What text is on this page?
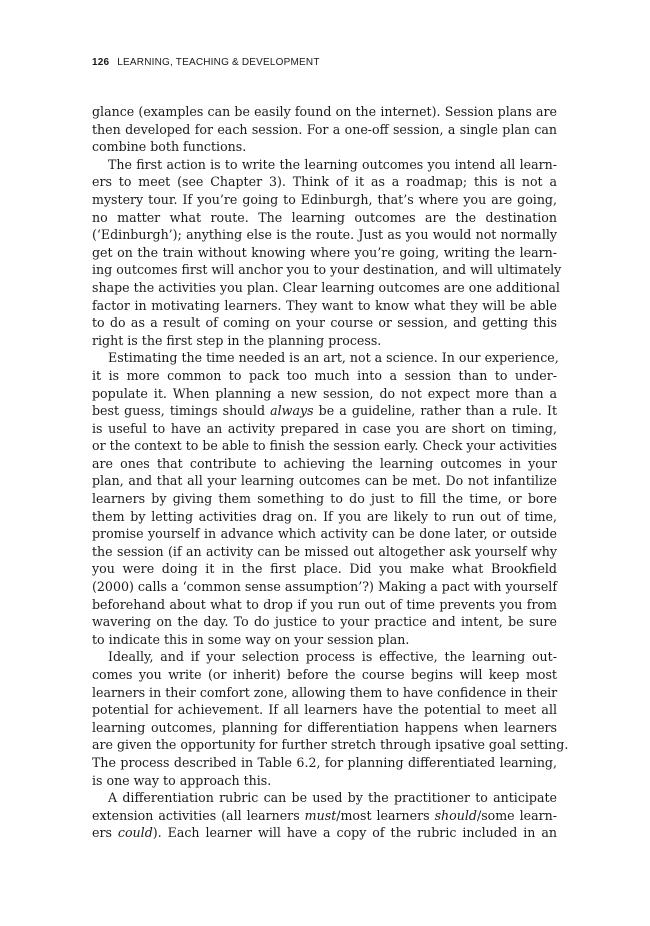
126 LEARNING, TEACHING & DEVELOPMENT
glance (examples can be easily found on the internet). Session plans are
then developed for each session. For a one-off session, a single plan can
combine both functions.
The first action is to write the learning outcomes you intend all learn-
ers to meet (see Chapter 3). Think of it as a roadmap; this is not a
mystery tour. If you’re going to Edinburgh, that’s where you are going,
no matter what route. The learning outcomes are the destination
(‘Edinburgh’); anything else is the route. Just as you would not normally
get on the train without knowing where you’re going, writing the learn-
ing outcomes first will anchor you to your destination, and will ultimately
shape the activities you plan. Clear learning outcomes are one additional
factor in motivating learners. They want to know what they will be able
to do as a result of coming on your course or session, and getting this
right is the first step in the planning process.
Estimating the time needed is an art, not a science. In our experience,
it is more common to pack too much into a session than to under-
populate it. When planning a new session, do not expect more than a
best guess, timings should always be a guideline, rather than a rule. It
is useful to have an activity prepared in case you are short on timing,
or the context to be able to finish the session early. Check your activities
are ones that contribute to achieving the learning outcomes in your
plan, and that all your learning outcomes can be met. Do not infantilize
learners by giving them something to do just to fill the time, or bore
them by letting activities drag on. If you are likely to run out of time,
promise yourself in advance which activity can be done later, or outside
the session (if an activity can be missed out altogether ask yourself why
you were doing it in the first place. Did you make what Brookfield
(2000) calls a ‘common sense assumption’?) Making a pact with yourself
beforehand about what to drop if you run out of time prevents you from
wavering on the day. To do justice to your practice and intent, be sure
to indicate this in some way on your session plan.
Ideally, and if your selection process is effective, the learning out-
comes you write (or inherit) before the course begins will keep most
learners in their comfort zone, allowing them to have confidence in their
potential for achievement. If all learners have the potential to meet all
learning outcomes, planning for differentiation happens when learners
are given the opportunity for further stretch through ipsative goal setting.
The process described in Table 6.2, for planning differentiated learning,
is one way to approach this.
A differentiation rubric can be used by the practitioner to anticipate
extension activities (all learners must/most learners should/some learn-
ers could). Each learner will have a copy of the rubric included in an
